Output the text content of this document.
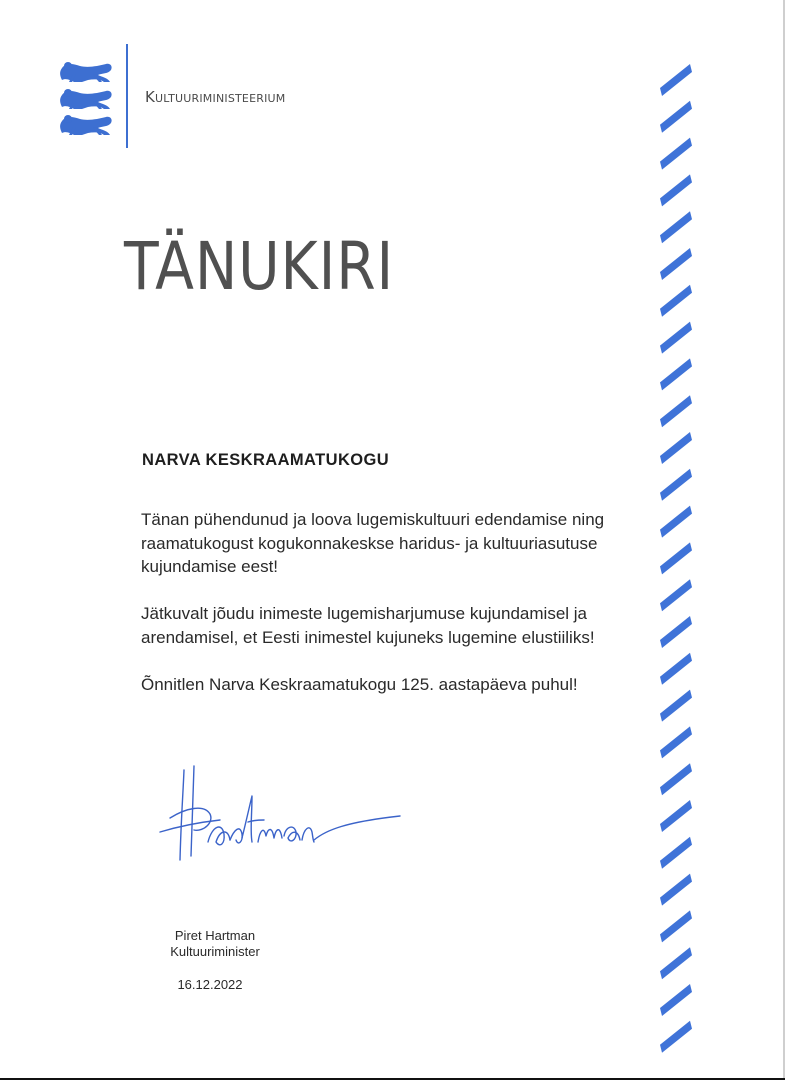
Kultuuriministeerium
TÄNUKIRI
NARVA KESKRAAMATUKOGU

Tänan pühendunud ja loova lugemiskultuuri edendamise ning raamatukogust kogukonnakeskse haridus- ja kultuuriasutuse kujundamise eest!

Jätkuvalt jõudu inimeste lugemisharjumuse kujundamisel ja arendamisel, et Eesti inimestel kujuneks lugemine elustiiliks!

Õnnitlen Narva Keskraamatukogu 125. aastapäeva puhul!

Piret Hartman
Kultuuriminister
16.12.2022
